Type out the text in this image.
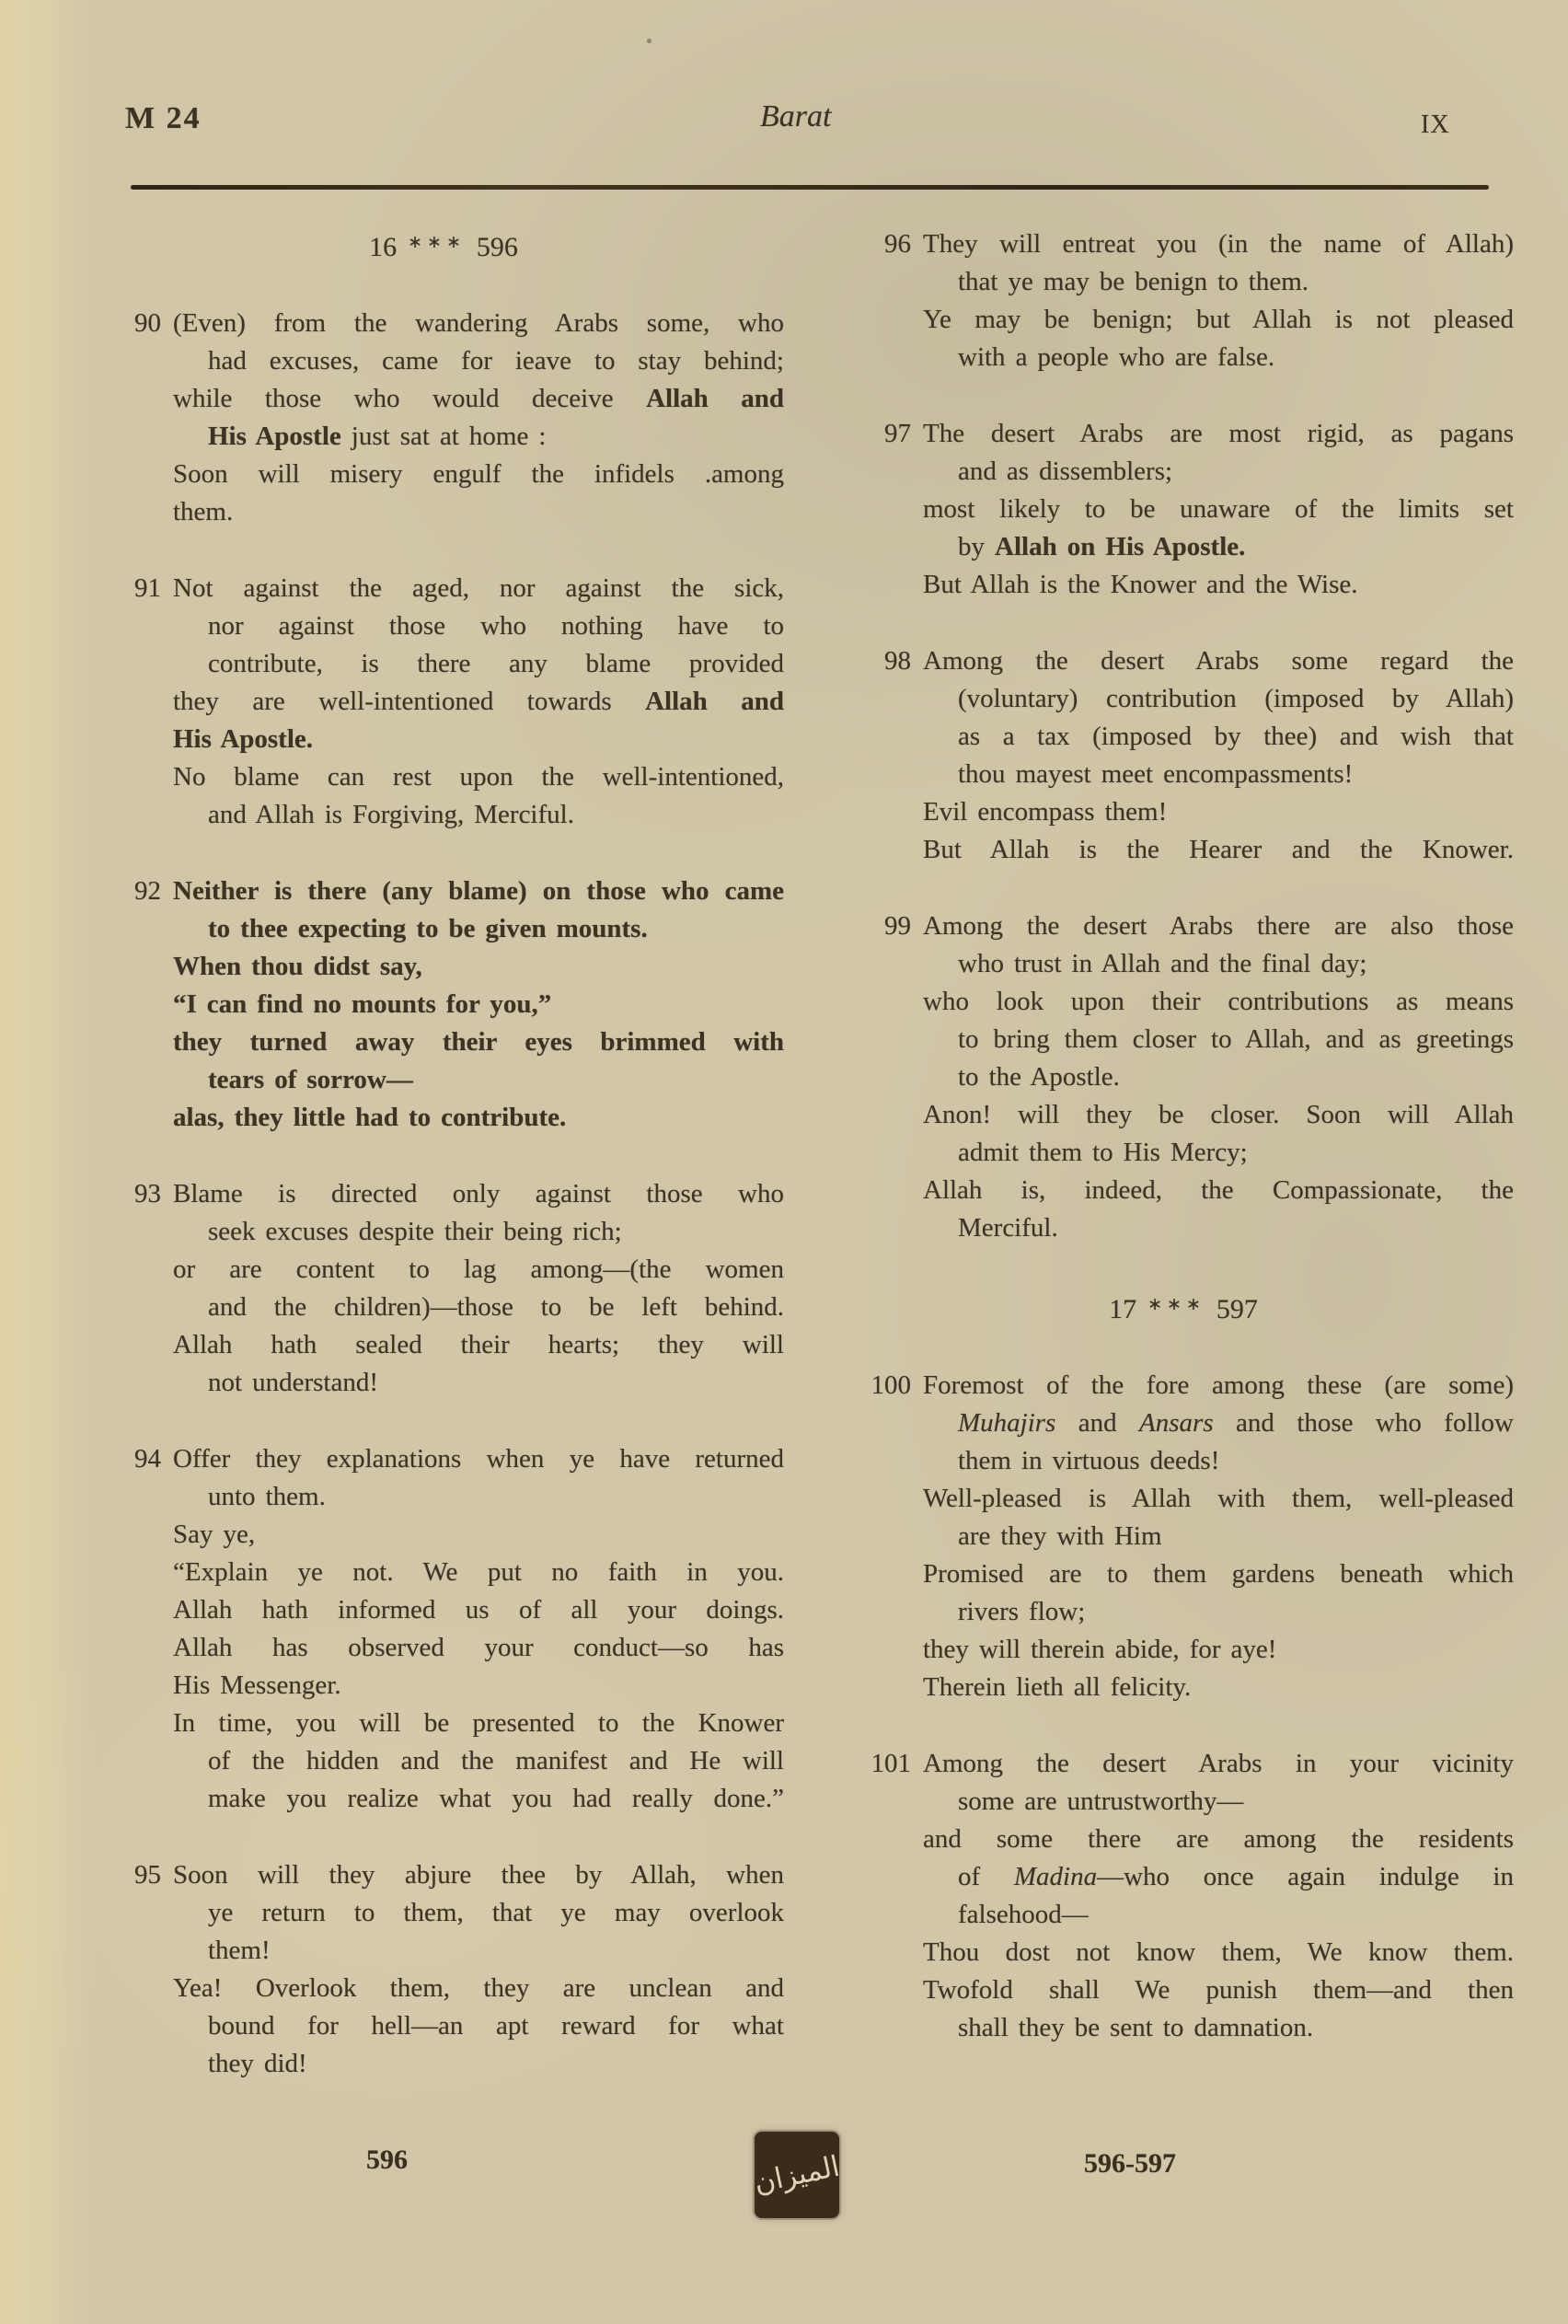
M 24	Barat	IX
16 ∗∗∗ 596
90 (Even) from the wandering Arabs some, who
had excuses, came for ieave to stay behind;
while those who would deceive Allah and
His Apostle just sat at home :
Soon will misery engulf the infidels .among
them.
91 Not against the aged, nor against the sick,
nor against those who nothing have to
contribute, is there any blame provided
they are well-intentioned towards Allah and
His Apostle.
No blame can rest upon the well-intentioned,
and Allah is Forgiving, Merciful.
92 Neither is there (any blame) on those who came
to thee expecting to be given mounts.
When thou didst say,
“I can find no mounts for you,”
they turned away their eyes brimmed with
tears of sorrow—
alas, they little had to contribute.
93 Blame is directed only against those who
seek excuses despite their being rich;
or are content to lag among—(the women
and the children)—those to be left behind.
Allah hath sealed their hearts; they will
not understand!
94 Offer they explanations when ye have returned
unto them.
Say ye,
“Explain ye not. We put no faith in you.
Allah hath informed us of all your doings.
Allah has observed your conduct—so has
His Messenger.
In time, you will be presented to the Knower
of the hidden and the manifest and He will
make you realize what you had really done.”
95 Soon will they abjure thee by Allah, when
ye return to them, that ye may overlook
them!
Yea! Overlook them, they are unclean and
bound for hell—an apt reward for what
they did!
96 They will entreat you (in the name of Allah)
that ye may be benign to them.
Ye may be benign; but Allah is not pleased
with a people who are false.
97 The desert Arabs are most rigid, as pagans
and as dissemblers;
most likely to be unaware of the limits set
by Allah on His Apostle.
But Allah is the Knower and the Wise.
98 Among the desert Arabs some regard the
(voluntary) contribution (imposed by Allah)
as a tax (imposed by thee) and wish that
thou mayest meet encompassments!
Evil encompass them!
But Allah is the Hearer and the Knower.
99 Among the desert Arabs there are also those
who trust in Allah and the final day;
who look upon their contributions as means
to bring them closer to Allah, and as greetings
to the Apostle.
Anon! will they be closer. Soon will Allah
admit them to His Mercy;
Allah is, indeed, the Compassionate, the
Merciful.
17 ∗∗∗ 597
100 Foremost of the fore among these (are some)
Muhajirs and Ansars and those who follow
them in virtuous deeds!
Well-pleased is Allah with them, well-pleased
are they with Him
Promised are to them gardens beneath which
rivers flow;
they will therein abide, for aye!
Therein lieth all felicity.
101 Among the desert Arabs in your vicinity
some are untrustworthy—
and some there are among the residents
of Madina—who once again indulge in
falsehood—
Thou dost not know them, We know them.
Twofold shall We punish them—and then
shall they be sent to damnation.
596	الميزان	596-597
